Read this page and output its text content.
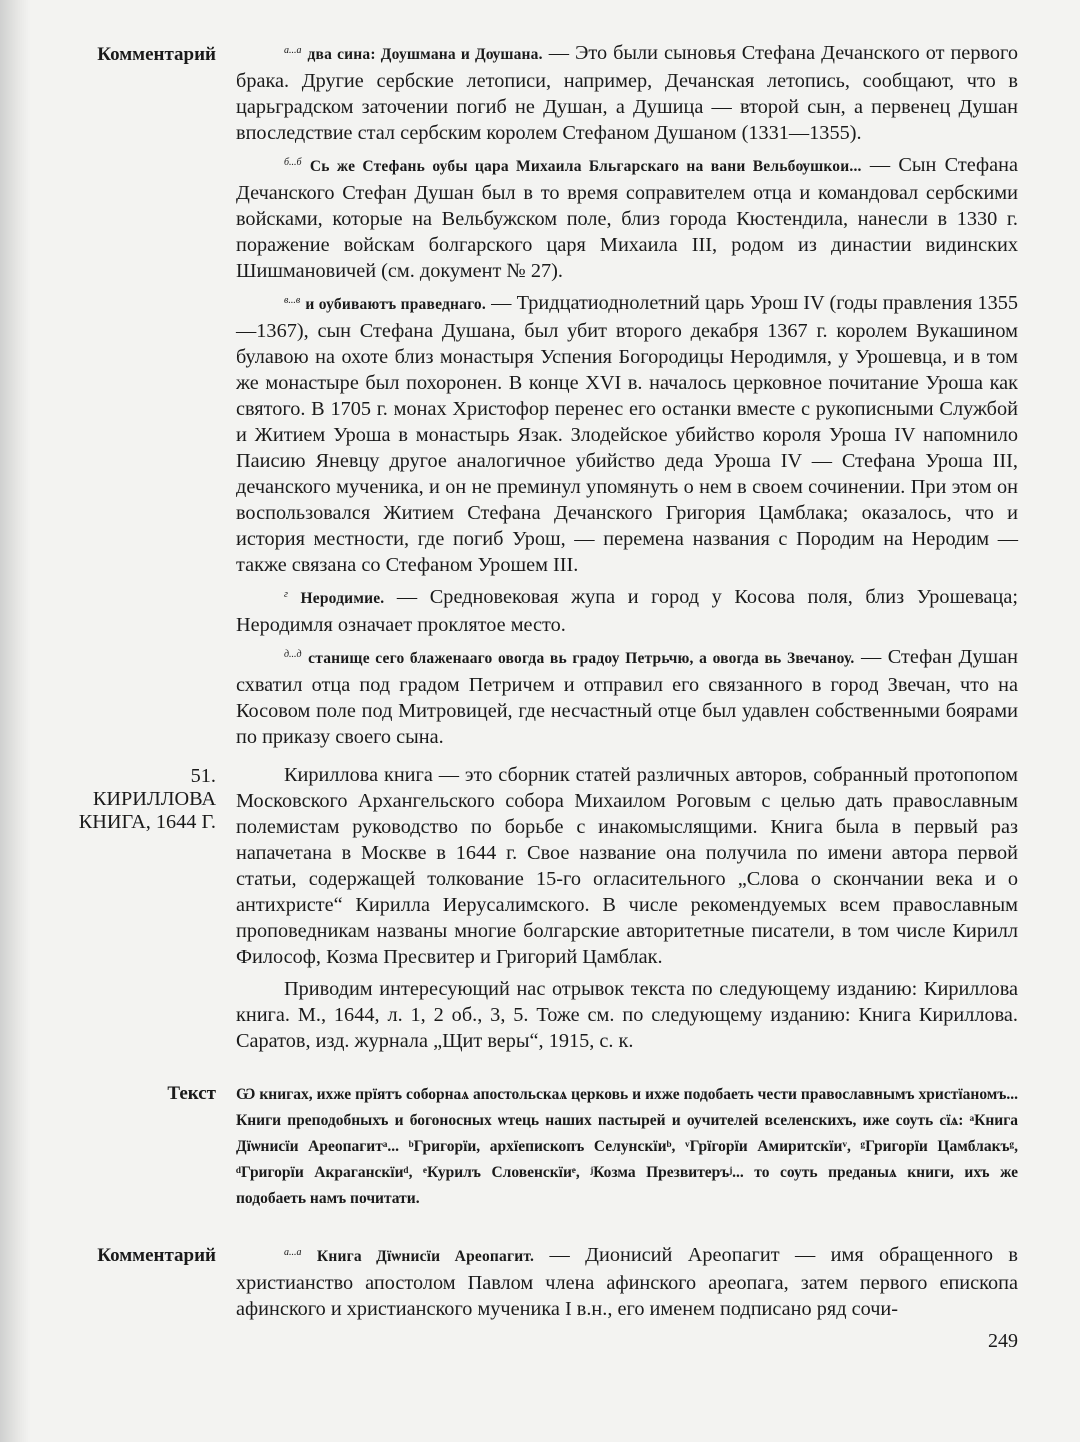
Комментарий	$^{а...а}$ два сина: Доушмана и Дѹшана. — Это были сыновья Стефана Дечанского от первого брака. Другие сербские летописи, например, Дечанская летопись, сообщают, что в царьградском заточении погиб не Душан, а Душица — второй сын, а первенец Душан впоследствие стал сербским королем Стефаном Душаном (1331—1355).

$^{б...б}$ Сь же Стефань оубы цара Михаила Бльгарскаго на вани Вельбѹшкои... — Сын Стефана Дечанского Стефан Душан был в то время соправителем отца и командовал сербскими войсками, которые на Вельбужском поле, близ города Кюстендила, нанесли в 1330 г. поражение войскам болгарского царя Михаила III, родом из династии видинских Шишмановичей (см. документ № 27).

$^{в...в}$ и оубиваютъ праведнаго. — Тридцатиоднолетний царь Урош IV (годы правления 1355—1367), сын Стефана Душана, был убит второго декабря 1367 г. королем Вукашином булавою на охоте близ монастыря Успения Богородицы Неродимля, у Урошевца, и в том же монастыре был похоронен. В конце XVI в. началось церковное почитание Уроша как святого. В 1705 г. монах Христофор перенес его останки вместе с рукописными Службой и Житием Уроша в монастырь Язак. Злодейское убийство короля Уроша IV напомнило Паисию Яневцу другое аналогичное убийство деда Уроша IV — Стефана Уроша III, дечанского мученика, и он не преминул упомянуть о нем в своем сочинении. При этом он воспользовался Житием Стефана Дечанского Григория Цамблака; оказалось, что и история местности, где погиб Урош, — перемена названия с Породим на Неродим — также связана со Стефаном Урошем III.

$^г$ Неродимие. — Средновековая жупа и город у Косова поля, близ Урошеваца; Неродимля означает проклятое место.

$^{д...д}$ станище сего блаженааго овогда вь градоу Петрьчю, а овогда вь Звечаноу. — Стефан Душан схватил отца под градом Петричем и отправил его связанного в город Звечан, что на Косовом поле под Митровицей, где несчастный отце был удавлен собственными боярами по приказу своего сына.

51.
КИРИЛЛОВА
КНИГА, 1644 Г.

Кириллова книга — это сборник статей различных авторов, собранный протопопом Московского Архангельского собора Михаилом Роговым с целью дать православным полемистам руководство по борьбе с инакомыслящими. Книга была в первый раз напачетана в Москве в 1644 г. Свое название она получила по имени автора первой статьи, содержащей толкование 15-го огласительного „Слова о скончании века и о антихристе“ Кирилла Иерусалимского. В числе рекомендуемых всем православным проповедникам названы многие болгарские авторитетные писатели, в том числе Кирилл Философ, Козма Пресвитер и Григорий Цамблак.

Приводим интересующий нас отрывок текста по следующему изданию: Кириллова книга. М., 1644, л. 1, 2 об., 3, 5. Тоже см. по следующему изданию: Книга Кириллова. Саратов, изд. журнала „Щит веры“, 1915, с. к.

Текст Ѡ книгах, ихже прїятъ соборнаѧ апостольскаѧ церковь и ихже подобаеть чести православнымъ христїаномъ... Книги преподобныхъ и богоносных ѡтець наших пастырей и оучителей вселенскихъ, иже соуть сїѧ: ᵃКнига Дїѡнисїи Ареопагитᵃ... ᵇГригорїи, архїепископъ Селунскїиᵇ, ᵛГрїгорїи Амиритскїиᵛ, ᵍГригорїи Цамблакъᵍ, ᵈГригорїи Акраганскїиᵈ, ᵉКурилъ Словенскїиᵉ, ʲКозма Презвитеръʲ... то соуть преданыѧ книги, ихъ же подобаеть намъ почитати.
Комментарий	$^{а...а}$ Книга Дїѡнисїи Ареопагит. — Дионисий Ареопагит — имя обращенного в христианство апостолом Павлом члена афинского ареопага, затем первого епископа афинского и христианского мученика I в.н., его именем подписано ряд сочи-

249
